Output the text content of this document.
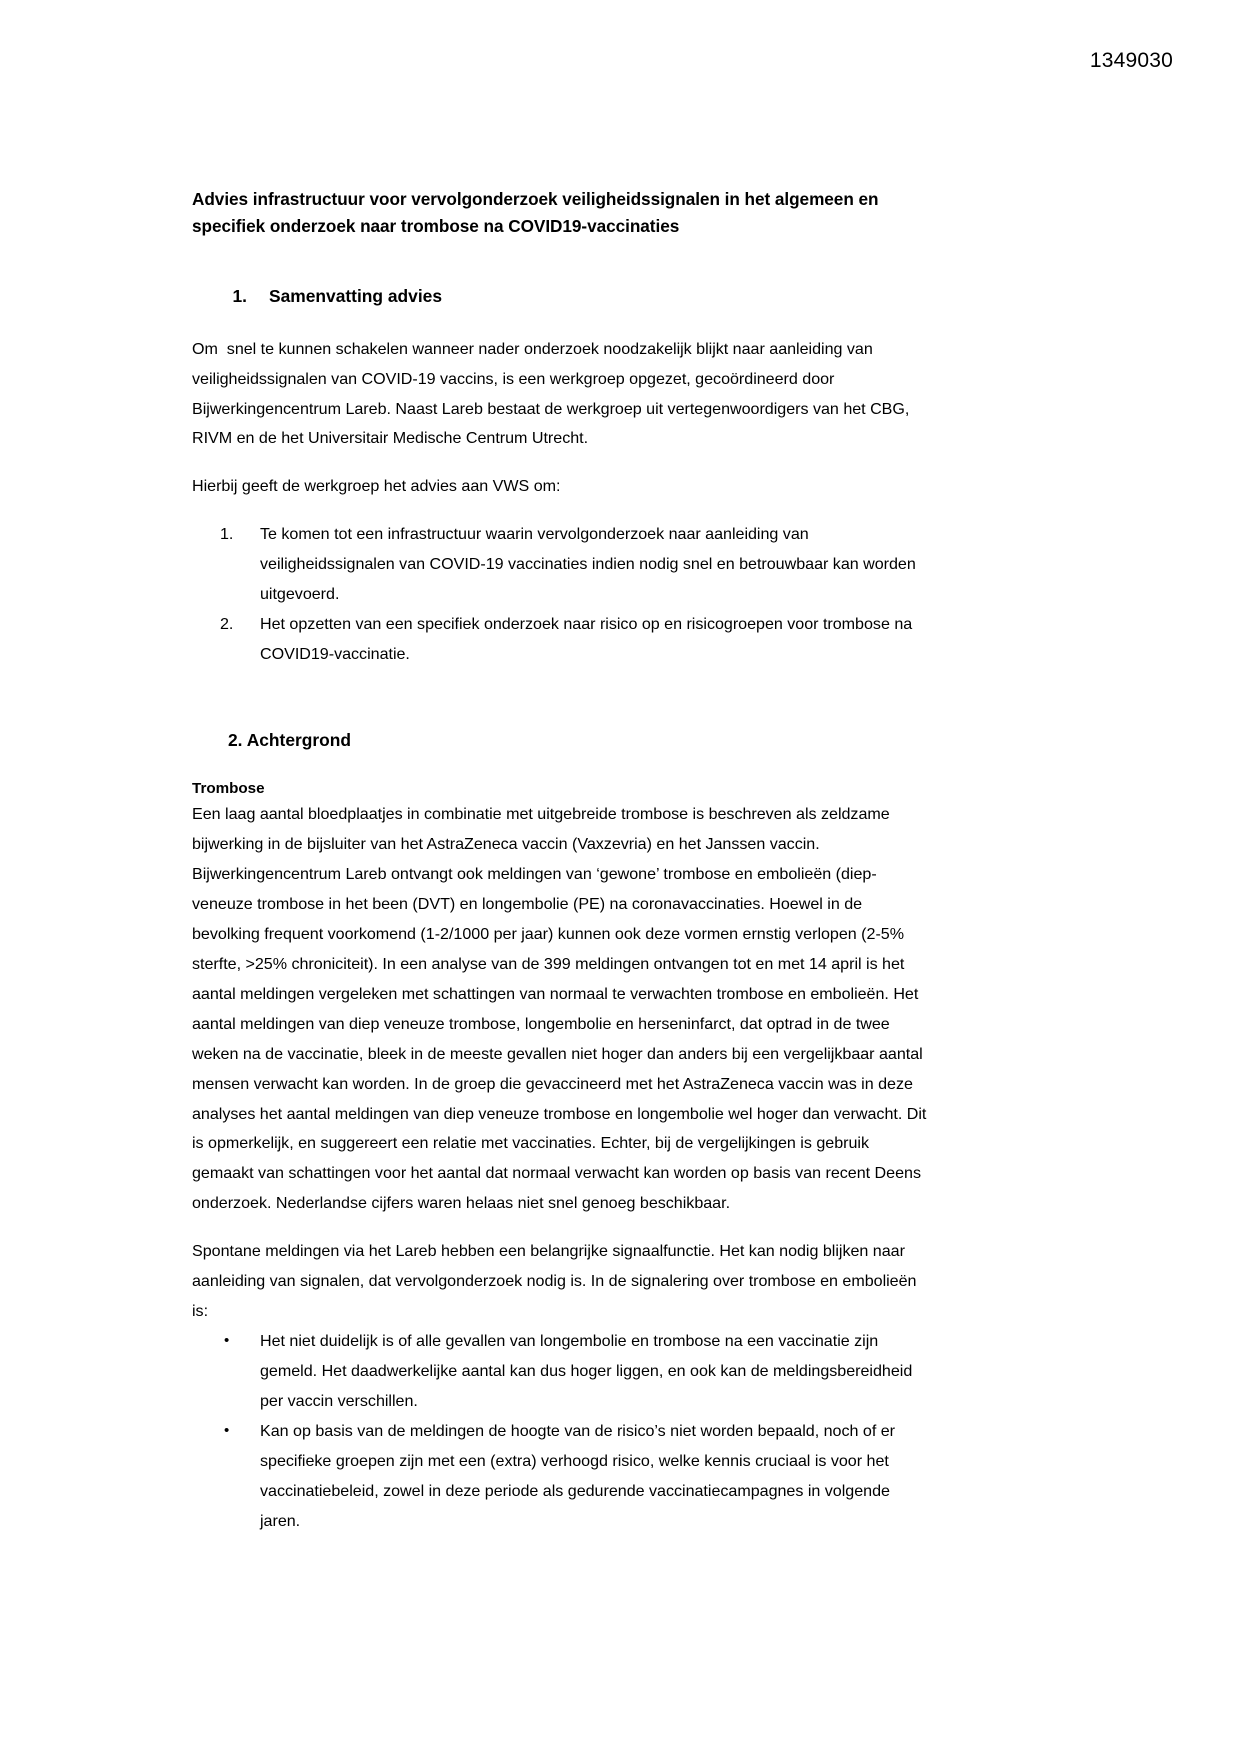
1349030
Advies infrastructuur voor vervolgonderzoek veiligheidssignalen in het algemeen en
specifiek onderzoek naar trombose na COVID19-vaccinaties
1. Samenvatting advies

Om  snel te kunnen schakelen wanneer nader onderzoek noodzakelijk blijkt naar aanleiding van veiligheidssignalen van COVID-19 vaccins, is een werkgroep opgezet, gecoördineerd door Bijwerkingencentrum Lareb. Naast Lareb bestaat de werkgroep uit vertegenwoordigers van het CBG, RIVM en de het Universitair Medische Centrum Utrecht.

Hierbij geeft de werkgroep het advies aan VWS om:

1.	Te komen tot een infrastructuur waarin vervolgonderzoek naar aanleiding van veiligheidssignalen van COVID-19 vaccinaties indien nodig snel en betrouwbaar kan worden uitgevoerd.
2.	Het opzetten van een specifiek onderzoek naar risico op en risicogroepen voor trombose na COVID19-vaccinatie.
2. Achtergrond
Trombose

Een laag aantal bloedplaatjes in combinatie met uitgebreide trombose is beschreven als zeldzame bijwerking in de bijsluiter van het AstraZeneca vaccin (Vaxzevria) en het Janssen vaccin. Bijwerkingencentrum Lareb ontvangt ook meldingen van ‘gewone’ trombose en embolieën (diep-veneuze trombose in het been (DVT) en longembolie (PE) na coronavaccinaties. Hoewel in de bevolking frequent voorkomend (1-2/1000 per jaar) kunnen ook deze vormen ernstig verlopen (2-5% sterfte, >25% chroniciteit). In een analyse van de 399 meldingen ontvangen tot en met 14 april is het aantal meldingen vergeleken met schattingen van normaal te verwachten trombose en embolieën. Het aantal meldingen van diep veneuze trombose, longembolie en herseninfarct, dat optrad in de twee weken na de vaccinatie, bleek in de meeste gevallen niet hoger dan anders bij een vergelijkbaar aantal mensen verwacht kan worden. In de groep die gevaccineerd met het AstraZeneca vaccin was in deze analyses het aantal meldingen van diep veneuze trombose en longembolie wel hoger dan verwacht. Dit is opmerkelijk, en suggereert een relatie met vaccinaties. Echter, bij de vergelijkingen is gebruik gemaakt van schattingen voor het aantal dat normaal verwacht kan worden op basis van recent Deens onderzoek. Nederlandse cijfers waren helaas niet snel genoeg beschikbaar.

Spontane meldingen via het Lareb hebben een belangrijke signaalfunctie. Het kan nodig blijken naar aanleiding van signalen, dat vervolgonderzoek nodig is. In de signalering over trombose en embolieën is:

•	Het niet duidelijk is of alle gevallen van longembolie en trombose na een vaccinatie zijn gemeld. Het daadwerkelijke aantal kan dus hoger liggen, en ook kan de meldingsbereidheid per vaccin verschillen.
•	Kan op basis van de meldingen de hoogte van de risico’s niet worden bepaald, noch of er specifieke groepen zijn met een (extra) verhoogd risico, welke kennis cruciaal is voor het vaccinatiebeleid, zowel in deze periode als gedurende vaccinatiecampagnes in volgende jaren.
